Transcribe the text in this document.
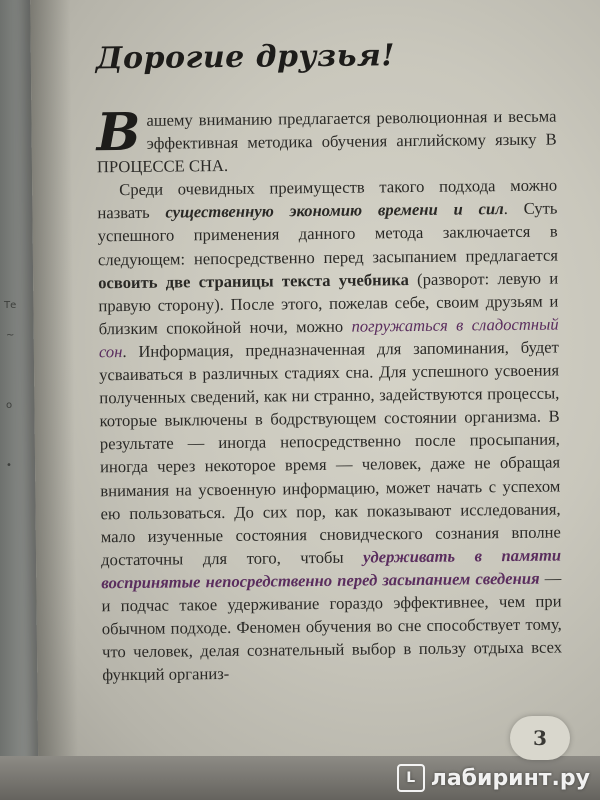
Те
~
о
•
Дорогие друзья!

Вашему вниманию предлагается революционная и весьма эффективная методика обучения английскому языку В ПРОЦЕССЕ СНА.

Среди очевидных преимуществ такого подхода можно назвать существенную экономию времени и сил. Суть успешного применения данного метода заключается в следующем: непосредственно перед засыпанием предлагается освоить две страницы текста учебника (разворот: левую и правую сторону). После этого, пожелав себе, своим друзьям и близким спокойной ночи, можно погружаться в сладостный сон. Информация, предназначенная для запоминания, будет усваиваться в различных стадиях сна. Для успешного усвоения полученных сведений, как ни странно, задействуются процессы, которые выключены в бодрствующем состоянии организма. В результате — иногда непосредственно после просыпания, иногда через некоторое время — человек, даже не обращая внимания на усвоенную информацию, может начать с успехом ею пользоваться. До сих пор, как показывают исследования, мало изученные состояния сновидческого сознания вполне достаточны для того, чтобы удерживать в памяти воспринятые непосредственно перед засыпанием сведения — и подчас такое удерживание гораздо эффективнее, чем при обычном подходе. Феномен обучения во сне способствует тому, что человек, делая сознательный выбор в пользу отдыха всех функций организ-

3
L лабиринт.ру
